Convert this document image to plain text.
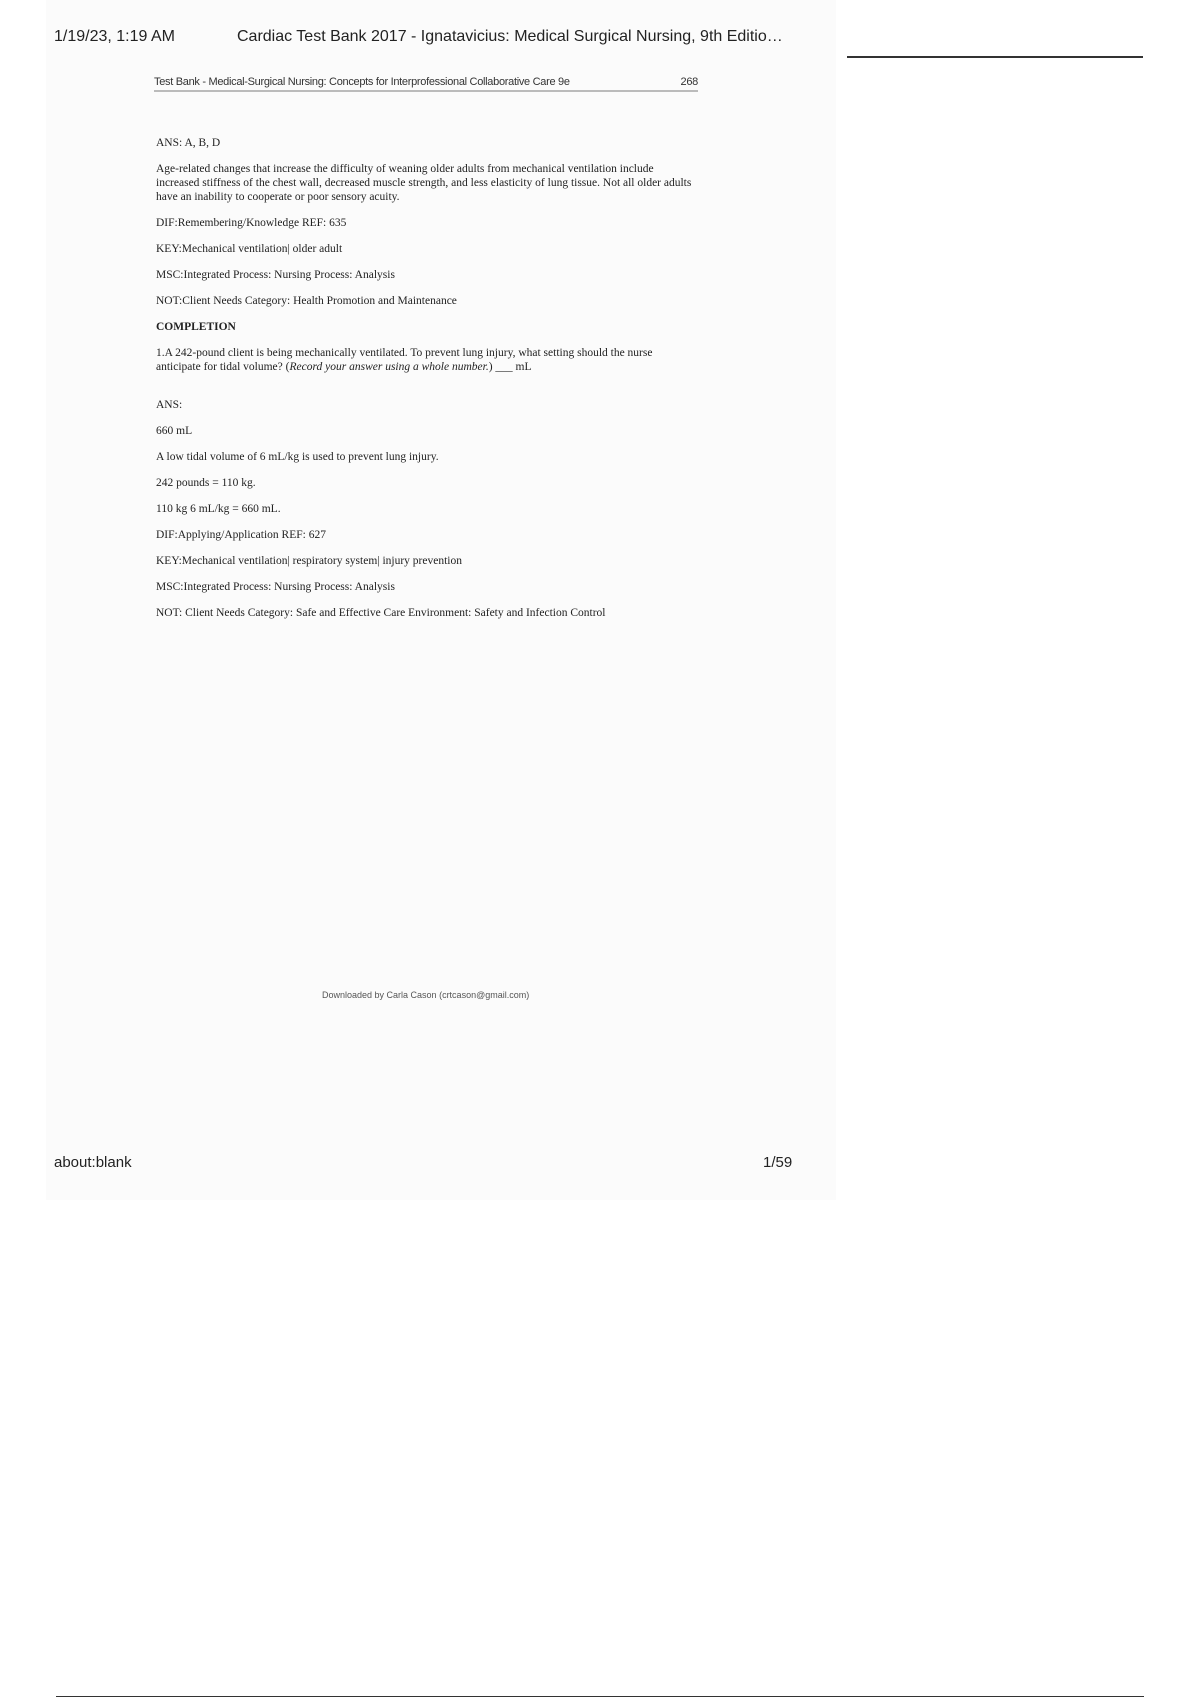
1/19/23, 1:19 AM	Cardiac Test Bank 2017 - Ignatavicius: Medical Surgical Nursing, 9th Editio…
Test Bank - Medical-Surgical Nursing: Concepts for Interprofessional Collaborative Care 9e	268

ANS: A, B, D

Age-related changes that increase the difficulty of weaning older adults from mechanical ventilation include increased stiffness of the chest wall, decreased muscle strength, and less elasticity of lung tissue. Not all older adults have an inability to cooperate or poor sensory acuity.

DIF:Remembering/Knowledge REF: 635

KEY:Mechanical ventilation| older adult

MSC:Integrated Process: Nursing Process: Analysis

NOT:Client Needs Category: Health Promotion and Maintenance

COMPLETION

1.A 242-pound client is being mechanically ventilated. To prevent lung injury, what setting should the nurse anticipate for tidal volume? (Record your answer using a whole number.) ___ mL

ANS:

660 mL

A low tidal volume of 6 mL/kg is used to prevent lung injury.

242 pounds = 110 kg.

110 kg 6 mL/kg = 660 mL.

DIF:Applying/Application REF: 627

KEY:Mechanical ventilation| respiratory system| injury prevention

MSC:Integrated Process: Nursing Process: Analysis

NOT: Client Needs Category: Safe and Effective Care Environment: Safety and Infection Control

Downloaded by Carla Cason (crtcason@gmail.com)
about:blank	1/59
